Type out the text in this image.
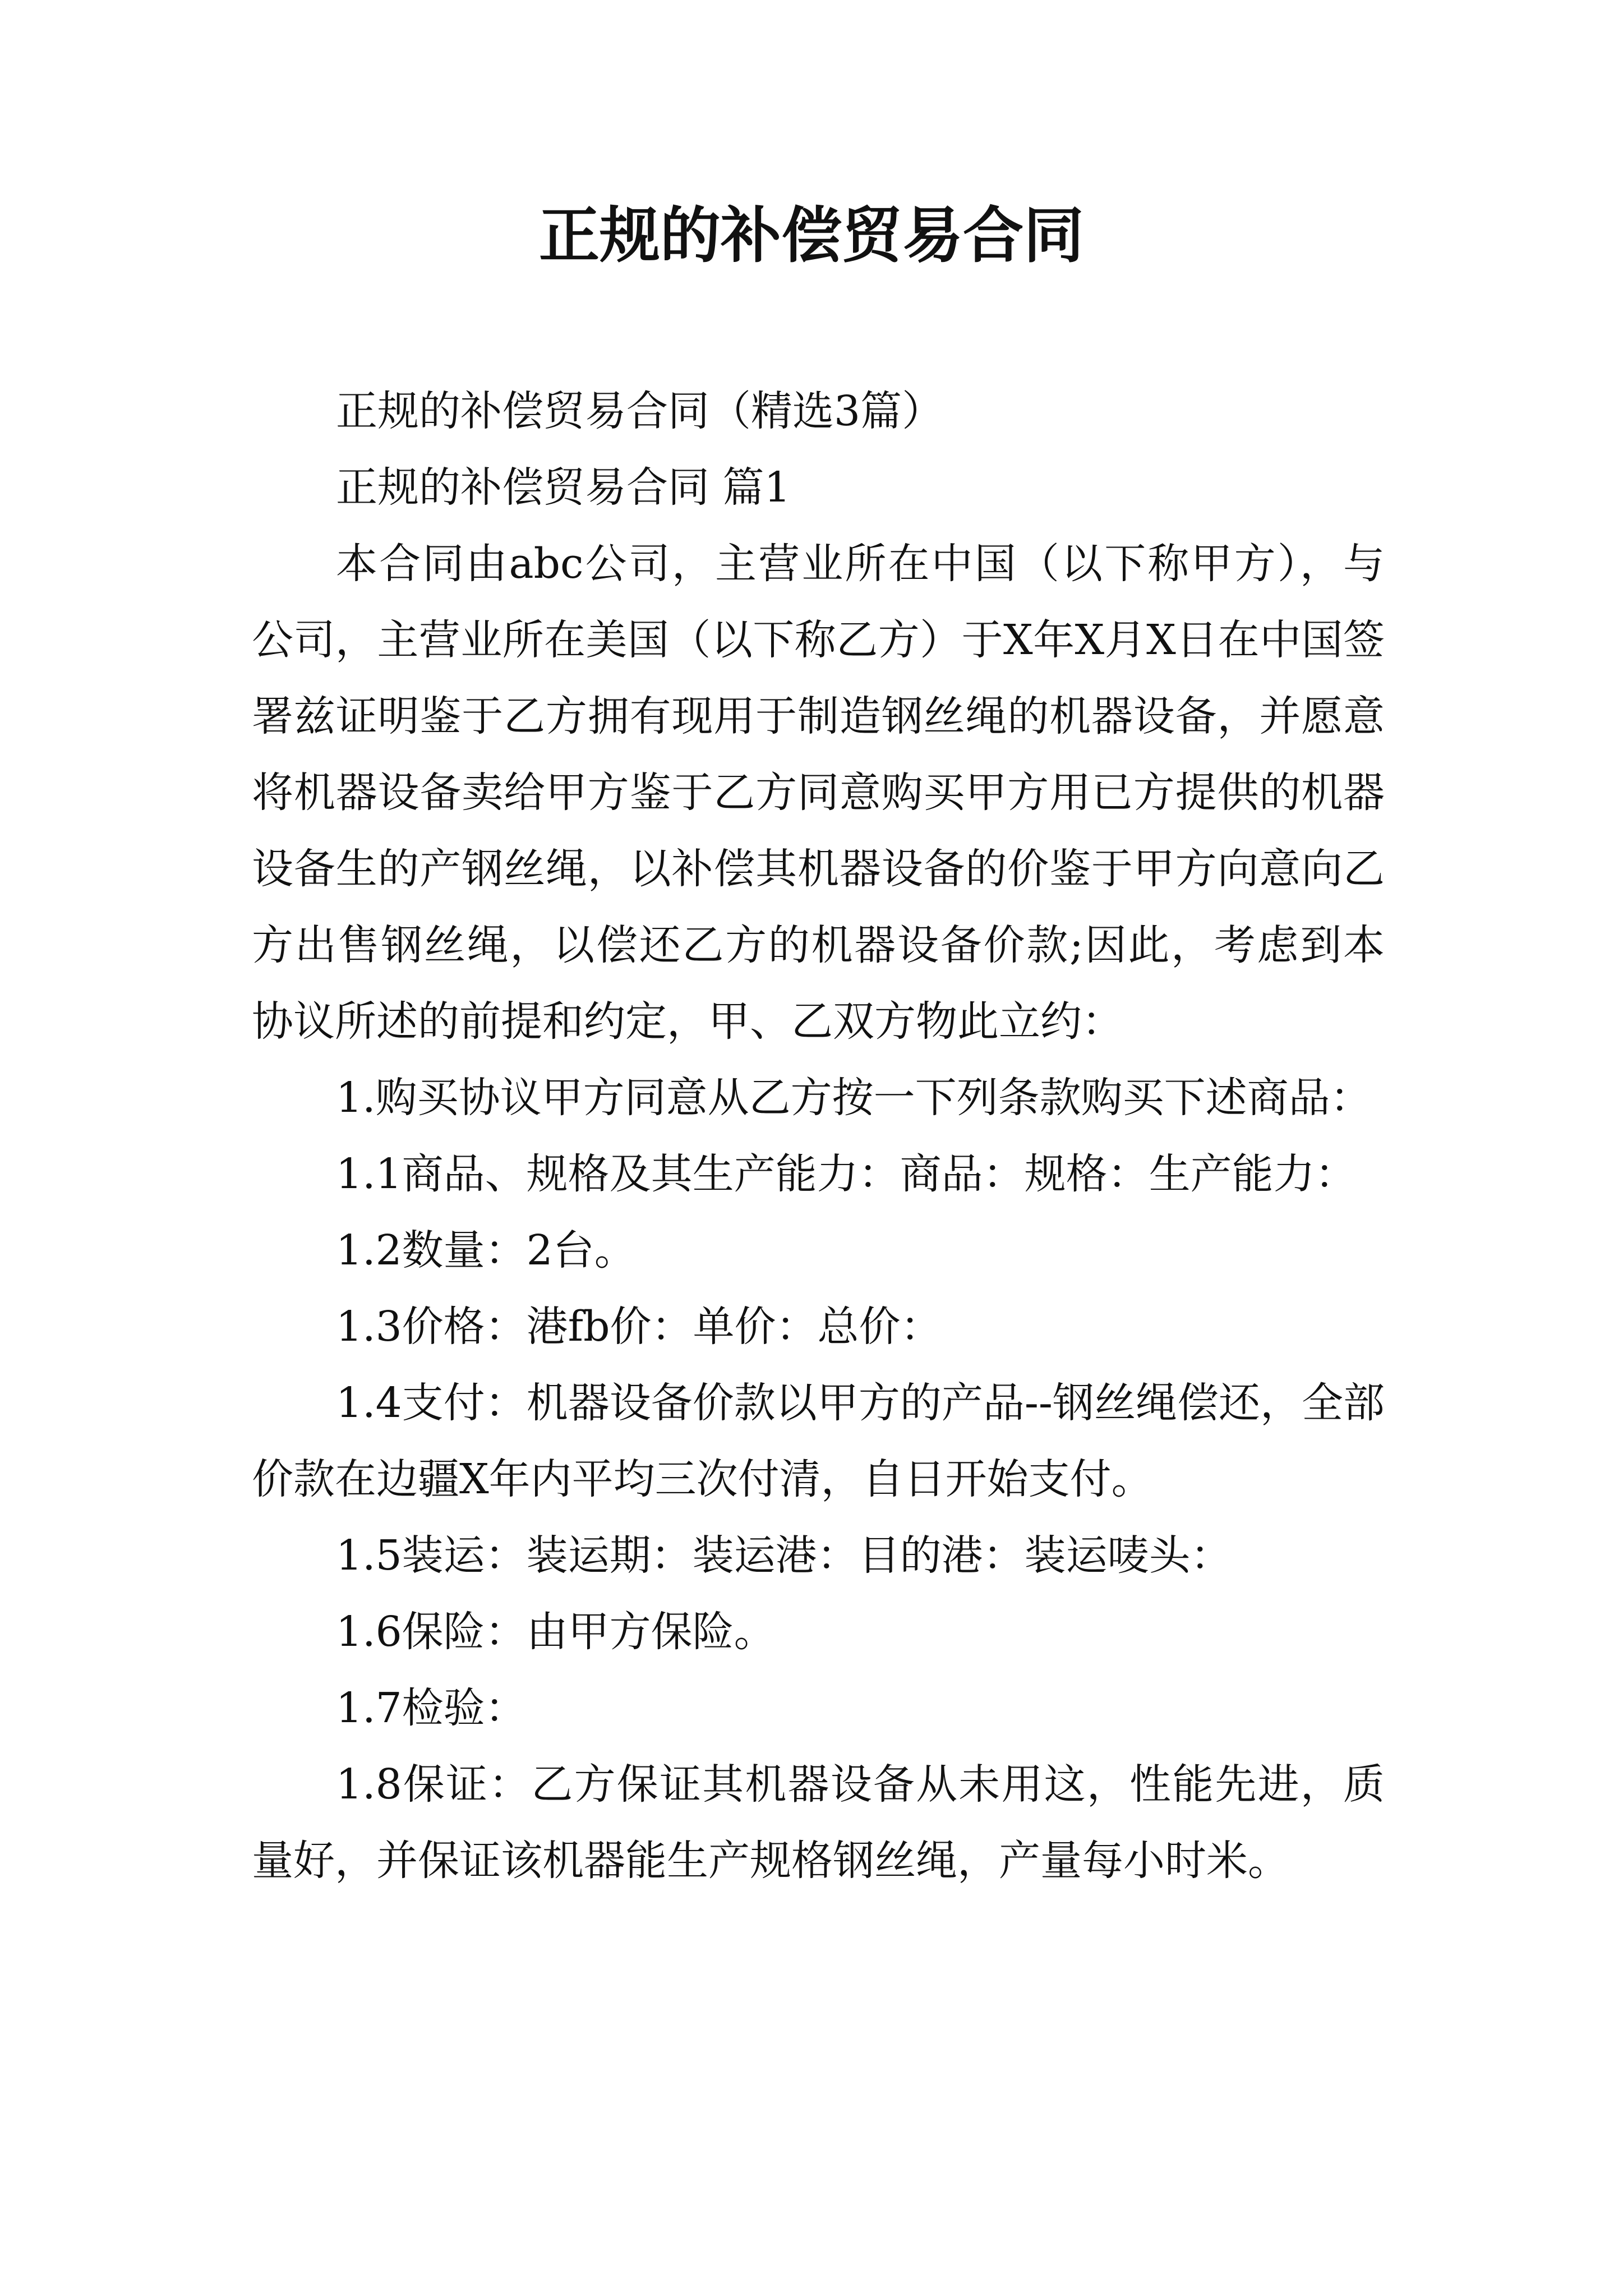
正规的补偿贸易合同

正规的补偿贸易合同（精选3篇）

正规的补偿贸易合同 篇1

本合同由abc公司，主营业所在中国（以下称甲方），与公司，主营业所在美国（以下称乙方）于X年X月X日在中国签署兹证明鉴于乙方拥有现用于制造钢丝绳的机器设备，并愿意将机器设备卖给甲方鉴于乙方同意购买甲方用已方提供的机器设备生的产钢丝绳，以补偿其机器设备的价鉴于甲方向意向乙方出售钢丝绳，以偿还乙方的机器设备价款;因此，考虑到本协议所述的前提和约定，甲、乙双方物此立约：

1.购买协议甲方同意从乙方按一下列条款购买下述商品：

1.1商品、规格及其生产能力：商品：规格：生产能力：

1.2数量：2台。

1.3价格：港fb价：单价：总价：

1.4支付：机器设备价款以甲方的产品--钢丝绳偿还，全部价款在边疆X年内平均三次付清，自日开始支付。

1.5装运：装运期：装运港：目的港：装运唛头：

1.6保险：由甲方保险。

1.7检验：

1.8保证：乙方保证其机器设备从未用这，性能先进，质量好，并保证该机器能生产规格钢丝绳，产量每小时米。
